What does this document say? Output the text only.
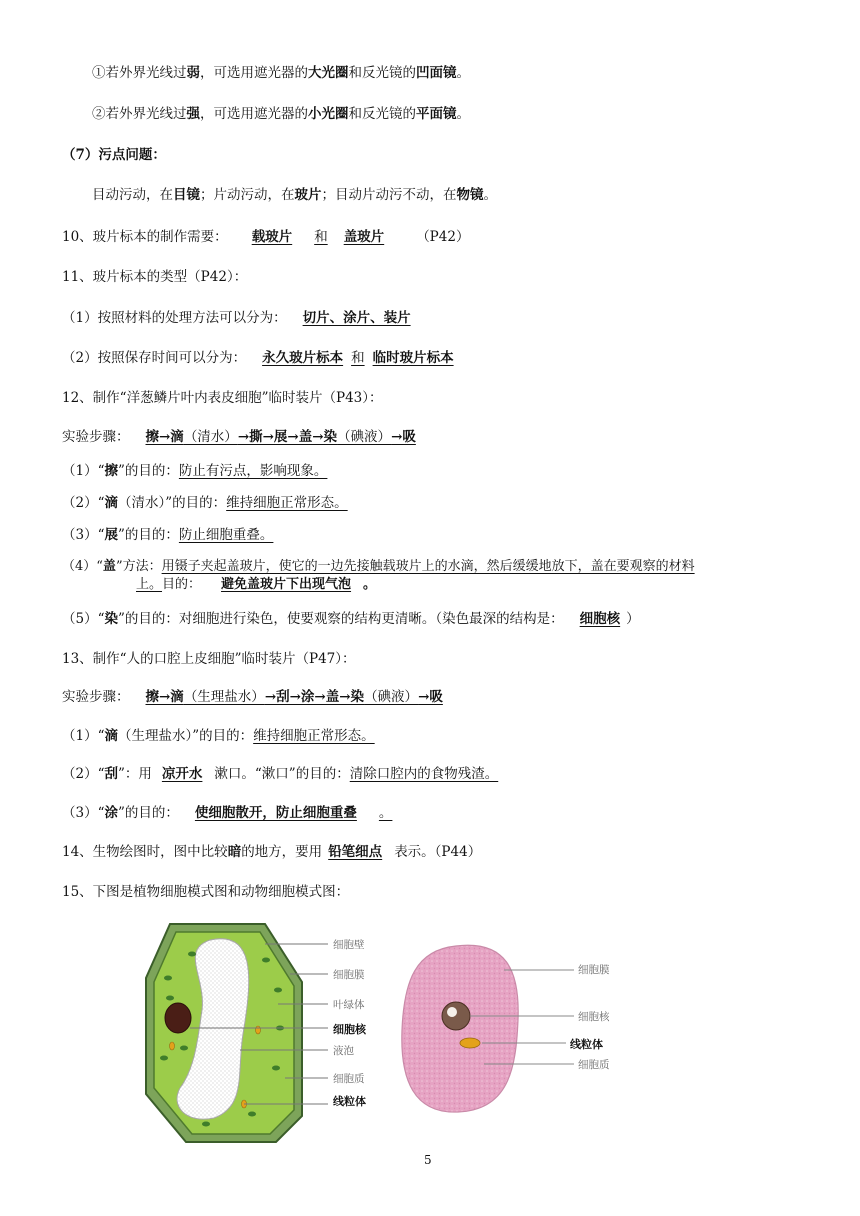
①若外界光线过弱，可选用遮光器的大光圈和反光镜的凹面镜。
②若外界光线过强，可选用遮光器的小光圈和反光镜的平面镜。
（7）污点问题：
目动污动，在目镜；片动污动，在玻片；目动片动污不动，在物镜。
10、玻片标本的制作需要： 载玻片 和 盖玻片 （P42）
11、玻片标本的类型（P42）：
（1）按照材料的处理方法可以分为： 切片、涂片、装片
（2）按照保存时间可以分为： 永久玻片标本 和 临时玻片标本
12、制作“洋葱鳞片叶内表皮细胞”临时装片（P43）：
实验步骤： 擦→滴（清水）→撕→展→盖→染（碘液）→吸
（1）“擦”的目的：防止有污点，影响现象。
（2）“滴（清水）”的目的：维持细胞正常形态。
（3）“展”的目的：防止细胞重叠。
（4）“盖”方法：用镊子夹起盖玻片，使它的一边先接触载玻片上的水滴，然后缓缓地放下，盖在要观察的材料
上。目的： 避免盖玻片下出现气泡 。
（5）“染”的目的：对细胞进行染色，使要观察的结构更清晰。（染色最深的结构是： 细胞核 ）
13、制作“人的口腔上皮细胞”临时装片（P47）：
实验步骤： 擦→滴（生理盐水）→刮→涂→盖→染（碘液）→吸
（1）“滴（生理盐水）”的目的：维持细胞正常形态。
（2）“刮”：用 凉开水 漱口。“漱口”的目的：清除口腔内的食物残渣。
（3）“涂”的目的： 使细胞散开，防止细胞重叠 。
14、生物绘图时，图中比较暗的地方，要用 铅笔细点 表示。（P44）
15、下图是植物细胞模式图和动物细胞模式图：
细胞壁
细胞膜
叶绿体
细胞核
液泡
细胞质
线粒体
细胞膜
细胞核
线粒体
细胞质
5
